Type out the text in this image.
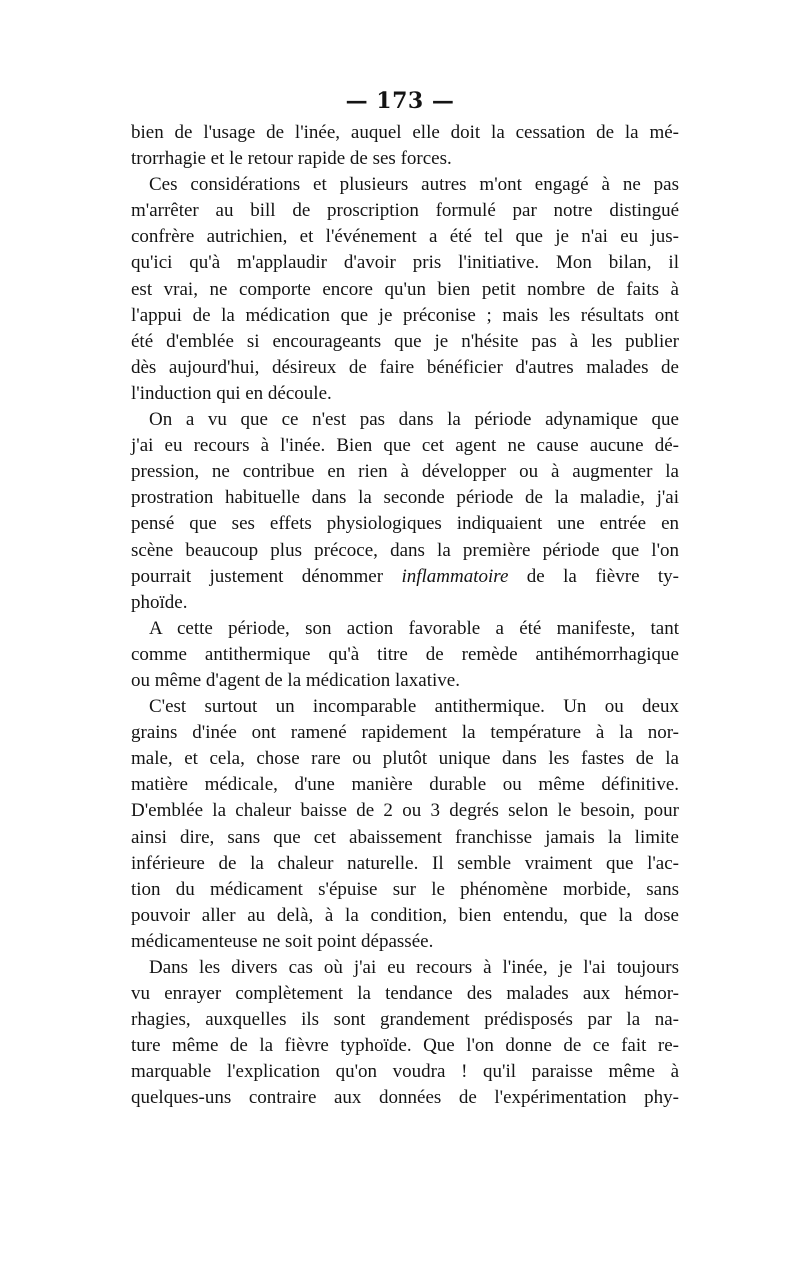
— 173 —
bien de l'usage de l'inée, auquel elle doit la cessation de la mé-
trorrhagie et le retour rapide de ses forces.
Ces considérations et plusieurs autres m'ont engagé à ne pas
m'arrêter au bill de proscription formulé par notre distingué
confrère autrichien, et l'événement a été tel que je n'ai eu jus-
qu'ici qu'à m'applaudir d'avoir pris l'initiative. Mon bilan, il
est vrai, ne comporte encore qu'un bien petit nombre de faits à
l'appui de la médication que je préconise ; mais les résultats ont
été d'emblée si encourageants que je n'hésite pas à les publier
dès aujourd'hui, désireux de faire bénéficier d'autres malades de
l'induction qui en découle.
On a vu que ce n'est pas dans la période adynamique que
j'ai eu recours à l'inée. Bien que cet agent ne cause aucune dé-
pression, ne contribue en rien à développer ou à augmenter la
prostration habituelle dans la seconde période de la maladie, j'ai
pensé que ses effets physiologiques indiquaient une entrée en
scène beaucoup plus précoce, dans la première période que l'on
pourrait justement dénommer inflammatoire de la fièvre ty-
phoïde.
A cette période, son action favorable a été manifeste, tant
comme antithermique qu'à titre de remède antihémorrhagique
ou même d'agent de la médication laxative.
C'est surtout un incomparable antithermique. Un ou deux
grains d'inée ont ramené rapidement la température à la nor-
male, et cela, chose rare ou plutôt unique dans les fastes de la
matière médicale, d'une manière durable ou même définitive.
D'emblée la chaleur baisse de 2 ou 3 degrés selon le besoin, pour
ainsi dire, sans que cet abaissement franchisse jamais la limite
inférieure de la chaleur naturelle. Il semble vraiment que l'ac-
tion du médicament s'épuise sur le phénomène morbide, sans
pouvoir aller au delà, à la condition, bien entendu, que la dose
médicamenteuse ne soit point dépassée.
Dans les divers cas où j'ai eu recours à l'inée, je l'ai toujours
vu enrayer complètement la tendance des malades aux hémor-
rhagies, auxquelles ils sont grandement prédisposés par la na-
ture même de la fièvre typhoïde. Que l'on donne de ce fait re-
marquable l'explication qu'on voudra ! qu'il paraisse même à
quelques-uns contraire aux données de l'expérimentation phy-
